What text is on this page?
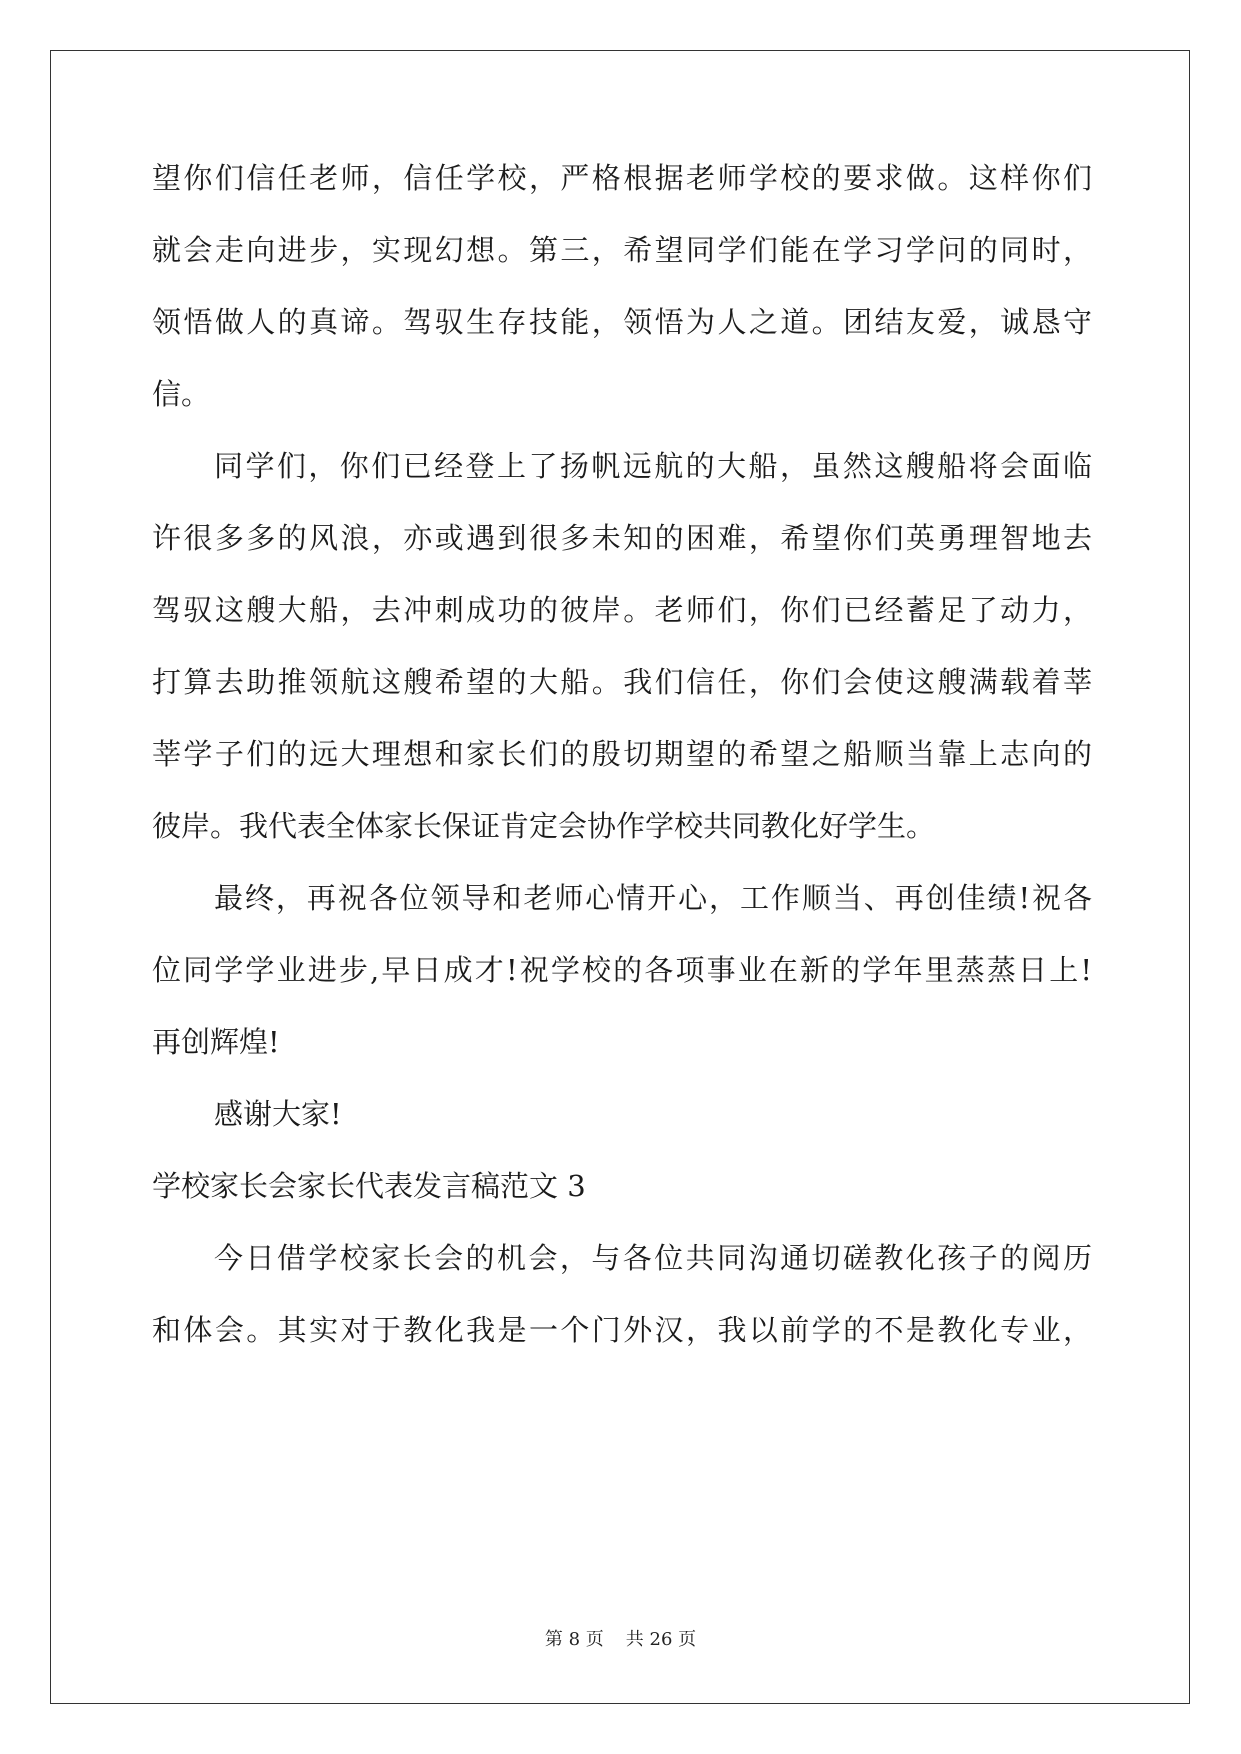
望你们信任老师，信任学校，严格根据老师学校的要求做。这样你们
就会走向进步，实现幻想。第三，希望同学们能在学习学问的同时，
领悟做人的真谛。驾驭生存技能，领悟为人之道。团结友爱，诚恳守
信。
同学们，你们已经登上了扬帆远航的大船，虽然这艘船将会面临
许很多多的风浪，亦或遇到很多未知的困难，希望你们英勇理智地去
驾驭这艘大船，去冲刺成功的彼岸。老师们，你们已经蓄足了动力，
打算去助推领航这艘希望的大船。我们信任，你们会使这艘满载着莘
莘学子们的远大理想和家长们的殷切期望的希望之船顺当靠上志向的
彼岸。我代表全体家长保证肯定会协作学校共同教化好学生。
最终，再祝各位领导和老师心情开心，工作顺当、再创佳绩!祝各
位同学学业进步,早日成才!祝学校的各项事业在新的学年里蒸蒸日上!
再创辉煌!
感谢大家!
学校家长会家长代表发言稿范文 3
今日借学校家长会的机会，与各位共同沟通切磋教化孩子的阅历
和体会。其实对于教化我是一个门外汉，我以前学的不是教化专业，
第 8 页 共 26 页
